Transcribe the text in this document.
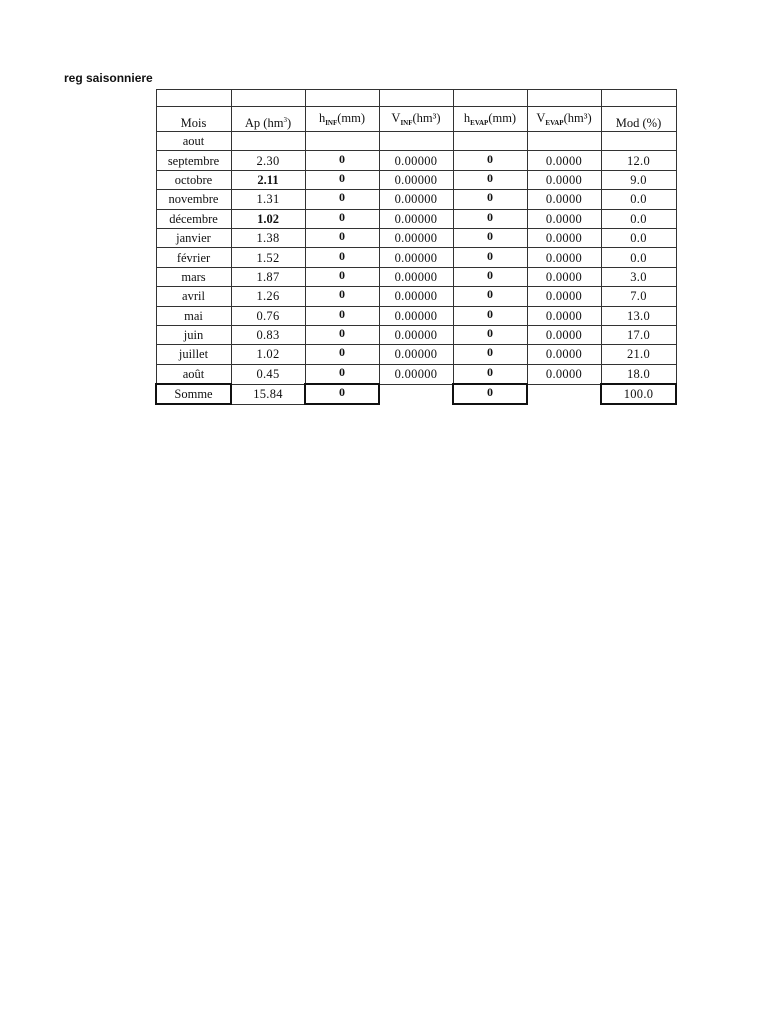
reg saisonniere

Mois	Ap $(hm^3)$	$h_{INF}(mm)$	$V_{INF}(hm^3)$	$h_{EVAP}(mm)$	$V_{EVAP}(hm^3)$	Mod (%)
aout						
septembre	2.30	0	0.00000	0	0.0000	12.0
octobre	2.11	0	0.00000	0	0.0000	9.0
novembre	1.31	0	0.00000	0	0.0000	0.0
décembre	1.02	0	0.00000	0	0.0000	0.0
janvier	1.38	0	0.00000	0	0.0000	0.0
février	1.52	0	0.00000	0	0.0000	0.0
mars	1.87	0	0.00000	0	0.0000	3.0
avril	1.26	0	0.00000	0	0.0000	7.0
mai	0.76	0	0.00000	0	0.0000	13.0
juin	0.83	0	0.00000	0	0.0000	17.0
juillet	1.02	0	0.00000	0	0.0000	21.0
août	0.45	0	0.00000	0	0.0000	18.0
Somme	15.84	0		0		100.0
